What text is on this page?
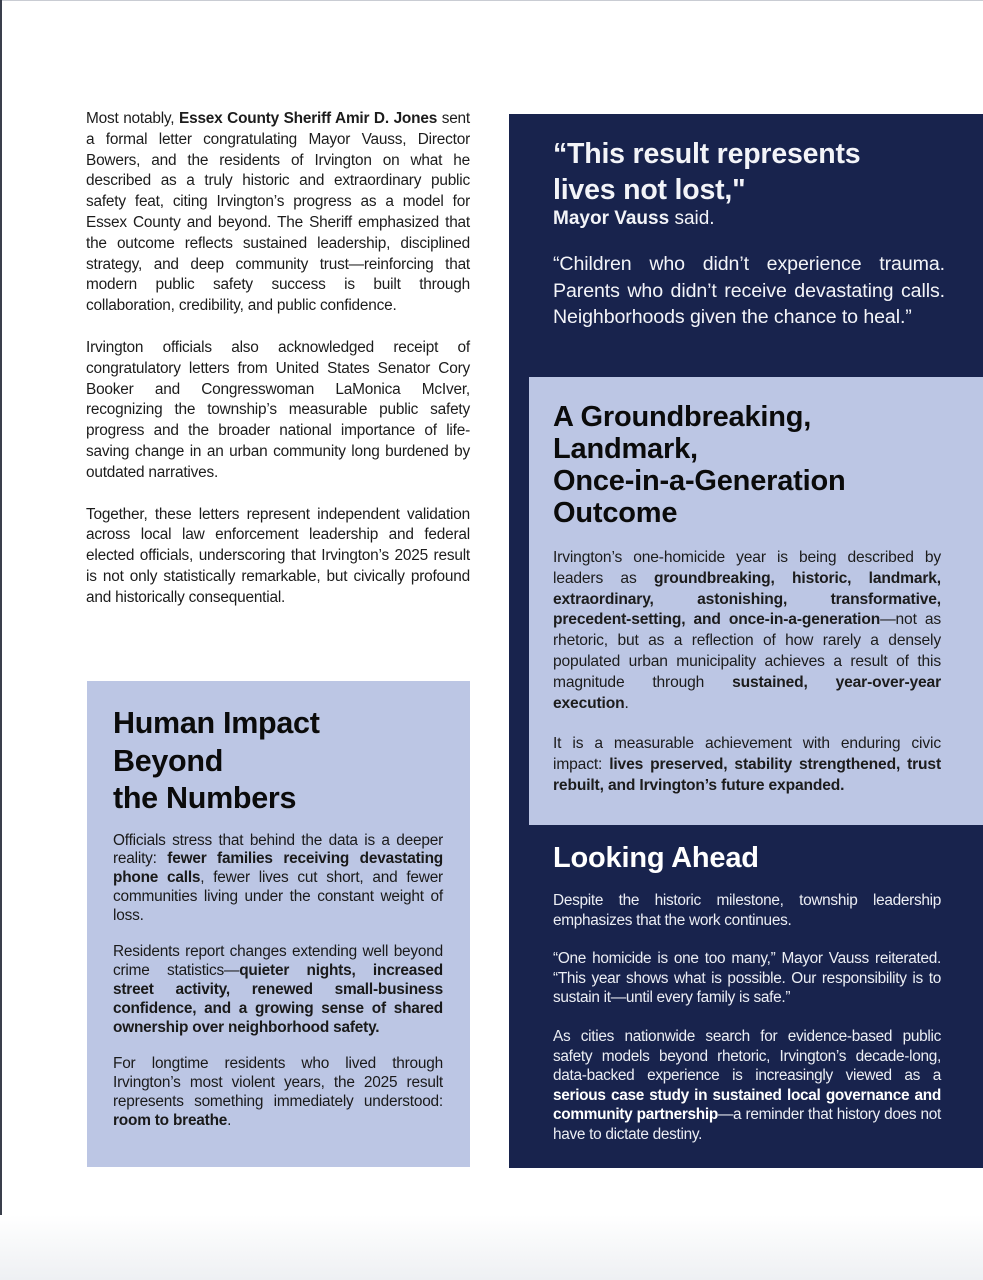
Most notably, Essex County Sheriff Amir D. Jones sent a formal letter congratulating Mayor Vauss, Director Bowers, and the residents of Irvington on what he described as a truly historic and extraordinary public safety feat, citing Irvington’s progress as a model for Essex County and beyond. The Sheriff emphasized that the outcome reflects sustained leadership, disciplined strategy, and deep community trust—reinforcing that modern public safety success is built through collaboration, credibility, and public confidence.

Irvington officials also acknowledged receipt of congratulatory letters from United States Senator Cory Booker and Congresswoman LaMonica McIver, recognizing the township’s measurable public safety progress and the broader national importance of life-saving change in an urban community long burdened by outdated narratives.

Together, these letters represent independent validation across local law enforcement leadership and federal elected officials, underscoring that Irvington’s 2025 result is not only statistically remarkable, but civically profound and historically consequential.

Human Impact
Beyond
the Numbers

Officials stress that behind the data is a deeper reality: fewer families receiving devastating phone calls, fewer lives cut short, and fewer communities living under the constant weight of loss.

Residents report changes extending well beyond crime statistics—quieter nights, increased street activity, renewed small-business confidence, and a growing sense of shared ownership over neighborhood safety.

For longtime residents who lived through Irvington’s most violent years, the 2025 result represents something immediately understood: room to breathe.

“This result represents
lives not lost,"
Mayor Vauss said.

“Children who didn’t experience trauma. Parents who didn’t receive devastating calls. Neighborhoods given the chance to heal.”

A Groundbreaking,
Landmark,
Once-in-a-Generation
Outcome

Irvington’s one-homicide year is being described by leaders as groundbreaking, historic, landmark, extraordinary, astonishing, transformative, precedent-setting, and once-in-a-generation—not as rhetoric, but as a reflection of how rarely a densely populated urban municipality achieves a result of this magnitude through sustained, year-over-year execution.

It is a measurable achievement with enduring civic impact: lives preserved, stability strengthened, trust rebuilt, and Irvington’s future expanded.

Looking Ahead

Despite the historic milestone, township leadership emphasizes that the work continues.

“One homicide is one too many,” Mayor Vauss reiterated. “This year shows what is possible. Our responsibility is to sustain it—until every family is safe.”

As cities nationwide search for evidence-based public safety models beyond rhetoric, Irvington’s decade-long, data-backed experience is increasingly viewed as a serious case study in sustained local governance and community partnership—a reminder that history does not have to dictate destiny.
